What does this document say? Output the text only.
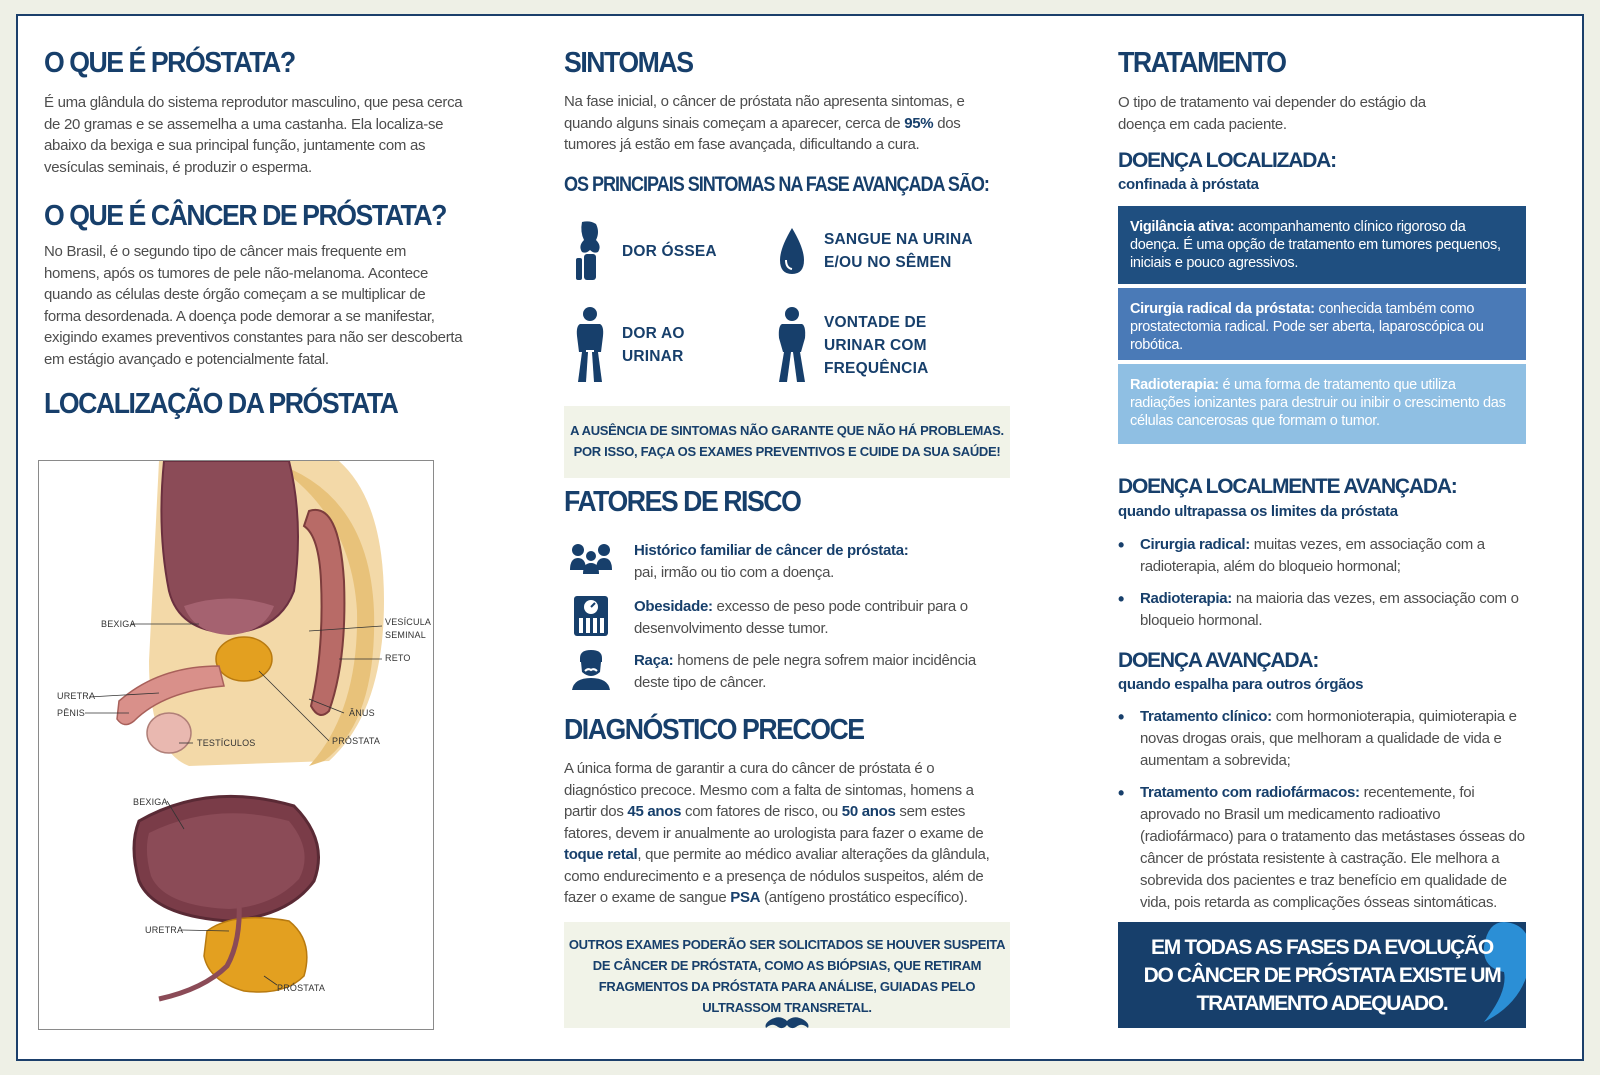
O QUE É PRÓSTATA?

É uma glândula do sistema reprodutor masculino, que pesa cerca de 20 gramas e se assemelha a uma castanha. Ela localiza-se abaixo da bexiga e sua principal função, juntamente com as vesículas seminais, é produzir o esperma.

O QUE É CÂNCER DE PRÓSTATA?

No Brasil, é o segundo tipo de câncer mais frequente em homens, após os tumores de pele não-melanoma. Acontece quando as células deste órgão começam a se multiplicar de forma desordenada. A doença pode demorar a se manifestar, exigindo exames preventivos constantes para não ser descoberta em estágio avançado e potencialmente fatal.

LOCALIZAÇÃO DA PRÓSTATA
BEXIGA	VESÍCULA
SEMINAL
RETO
URETRA
PÊNIS	ÂNUS
PRÓSTATA
TESTÍCULOS
BEXIGA
URETRA
PRÓSTATA
SINTOMAS

Na fase inicial, o câncer de próstata não apresenta sintomas, e quando alguns sinais começam a aparecer, cerca de 95% dos tumores já estão em fase avançada, dificultando a cura.

OS PRINCIPAIS SINTOMAS NA FASE AVANÇADA SÃO:
DOR ÓSSEA
SANGUE NA URINA
E/OU NO SÊMEN
DOR AO
URINAR
VONTADE DE
URINAR COM
FREQUÊNCIA
A AUSÊNCIA DE SINTOMAS NÃO GARANTE QUE NÃO HÁ PROBLEMAS.
POR ISSO, FAÇA OS EXAMES PREVENTIVOS E CUIDE DA SUA SAÚDE!
FATORES DE RISCO

Histórico familiar de câncer de próstata:
pai, irmão ou tio com a doença.

Obesidade: excesso de peso pode contribuir para o desenvolvimento desse tumor.

Raça: homens de pele negra sofrem maior incidência deste tipo de câncer.

DIAGNÓSTICO PRECOCE

A única forma de garantir a cura do câncer de próstata é o diagnóstico precoce. Mesmo com a falta de sintomas, homens a partir dos 45 anos com fatores de risco, ou 50 anos sem estes fatores, devem ir anualmente ao urologista para fazer o exame de toque retal, que permite ao médico avaliar alterações da glândula, como endurecimento e a presença de nódulos suspeitos, além de fazer o exame de sangue PSA (antígeno prostático específico).

OUTROS EXAMES PODERÃO SER SOLICITADOS SE HOUVER SUSPEITA
DE CÂNCER DE PRÓSTATA, COMO AS BIÓPSIAS, QUE RETIRAM
FRAGMENTOS DA PRÓSTATA PARA ANÁLISE, GUIADAS PELO
ULTRASSOM TRANSRETAL.
TRATAMENTO

O tipo de tratamento vai depender do estágio da doença em cada paciente.

DOENÇA LOCALIZADA:
confinada à próstata
Vigilância ativa: acompanhamento clínico rigoroso da doença. É uma opção de tratamento em tumores pequenos, iniciais e pouco agressivos.
Cirurgia radical da próstata: conhecida também como prostatectomia radical. Pode ser aberta, laparoscópica ou robótica.
Radioterapia: é uma forma de tratamento que utiliza radiações ionizantes para destruir ou inibir o crescimento das células cancerosas que formam o tumor.
DOENÇA LOCALMENTE AVANÇADA:
quando ultrapassa os limites da próstata
• Cirurgia radical: muitas vezes, em associação com a radioterapia, além do bloqueio hormonal;
• Radioterapia: na maioria das vezes, em associação com o bloqueio hormonal.
DOENÇA AVANÇADA:
quando espalha para outros órgãos
• Tratamento clínico: com hormonioterapia, quimioterapia e novas drogas orais, que melhoram a qualidade de vida e aumentam a sobrevida;
• Tratamento com radiofármacos: recentemente, foi aprovado no Brasil um medicamento radioativo (radiofármaco) para o tratamento das metástases ósseas do câncer de próstata resistente à castração. Ele melhora a sobrevida dos pacientes e traz benefício em qualidade de vida, pois retarda as complicações ósseas sintomáticas.
EM TODAS AS FASES DA EVOLUÇÃO
DO CÂNCER DE PRÓSTATA EXISTE UM
TRATAMENTO ADEQUADO.
